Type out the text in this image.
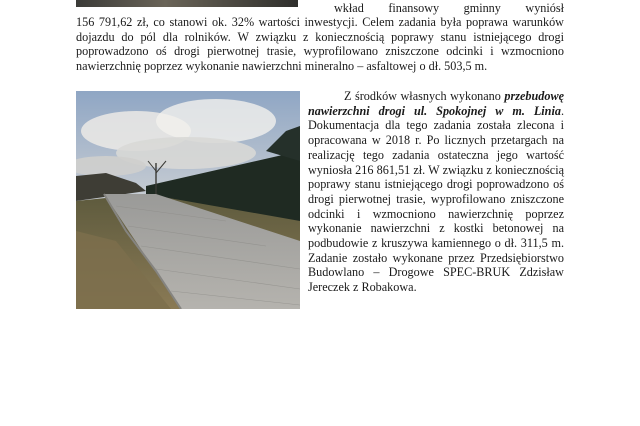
wkład finansowy gminny wyniósł
156 791,62 zł, co stanowi ok. 32% wartości inwestycji. Celem zadania była poprawa warunków dojazdu do pól dla rolników. W związku z koniecznością poprawy stanu istniejącego drogi poprowadzono oś drogi pierwotnej trasie, wyprofilowano zniszczone odcinki i wzmocniono nawierzchnię poprzez wykonanie nawierzchni mineralno – asfaltowej o dł. 503,5 m.
Z środków własnych wykonano przebudowę nawierzchni drogi ul. Spokojnej w m. Linia. Dokumentacja dla tego zadania została zlecona i opracowana w 2018 r. Po licznych przetargach na realizację tego zadania ostateczna jego wartość wyniosła 216 861,51 zł. W związku z koniecznością poprawy stanu istniejącego drogi poprowadzono oś drogi pierwotnej trasie, wyprofilowano zniszczone odcinki i wzmocniono nawierzchnię poprzez wykonanie nawierzchni z kostki betonowej na podbudowie z kruszywa kamiennego o dł. 311,5 m. Zadanie zostało wykonane przez Przedsiębiorstwo Budowlano – Drogowe SPEC-BRUK Zdzisław Jereczek z Robakowa.
